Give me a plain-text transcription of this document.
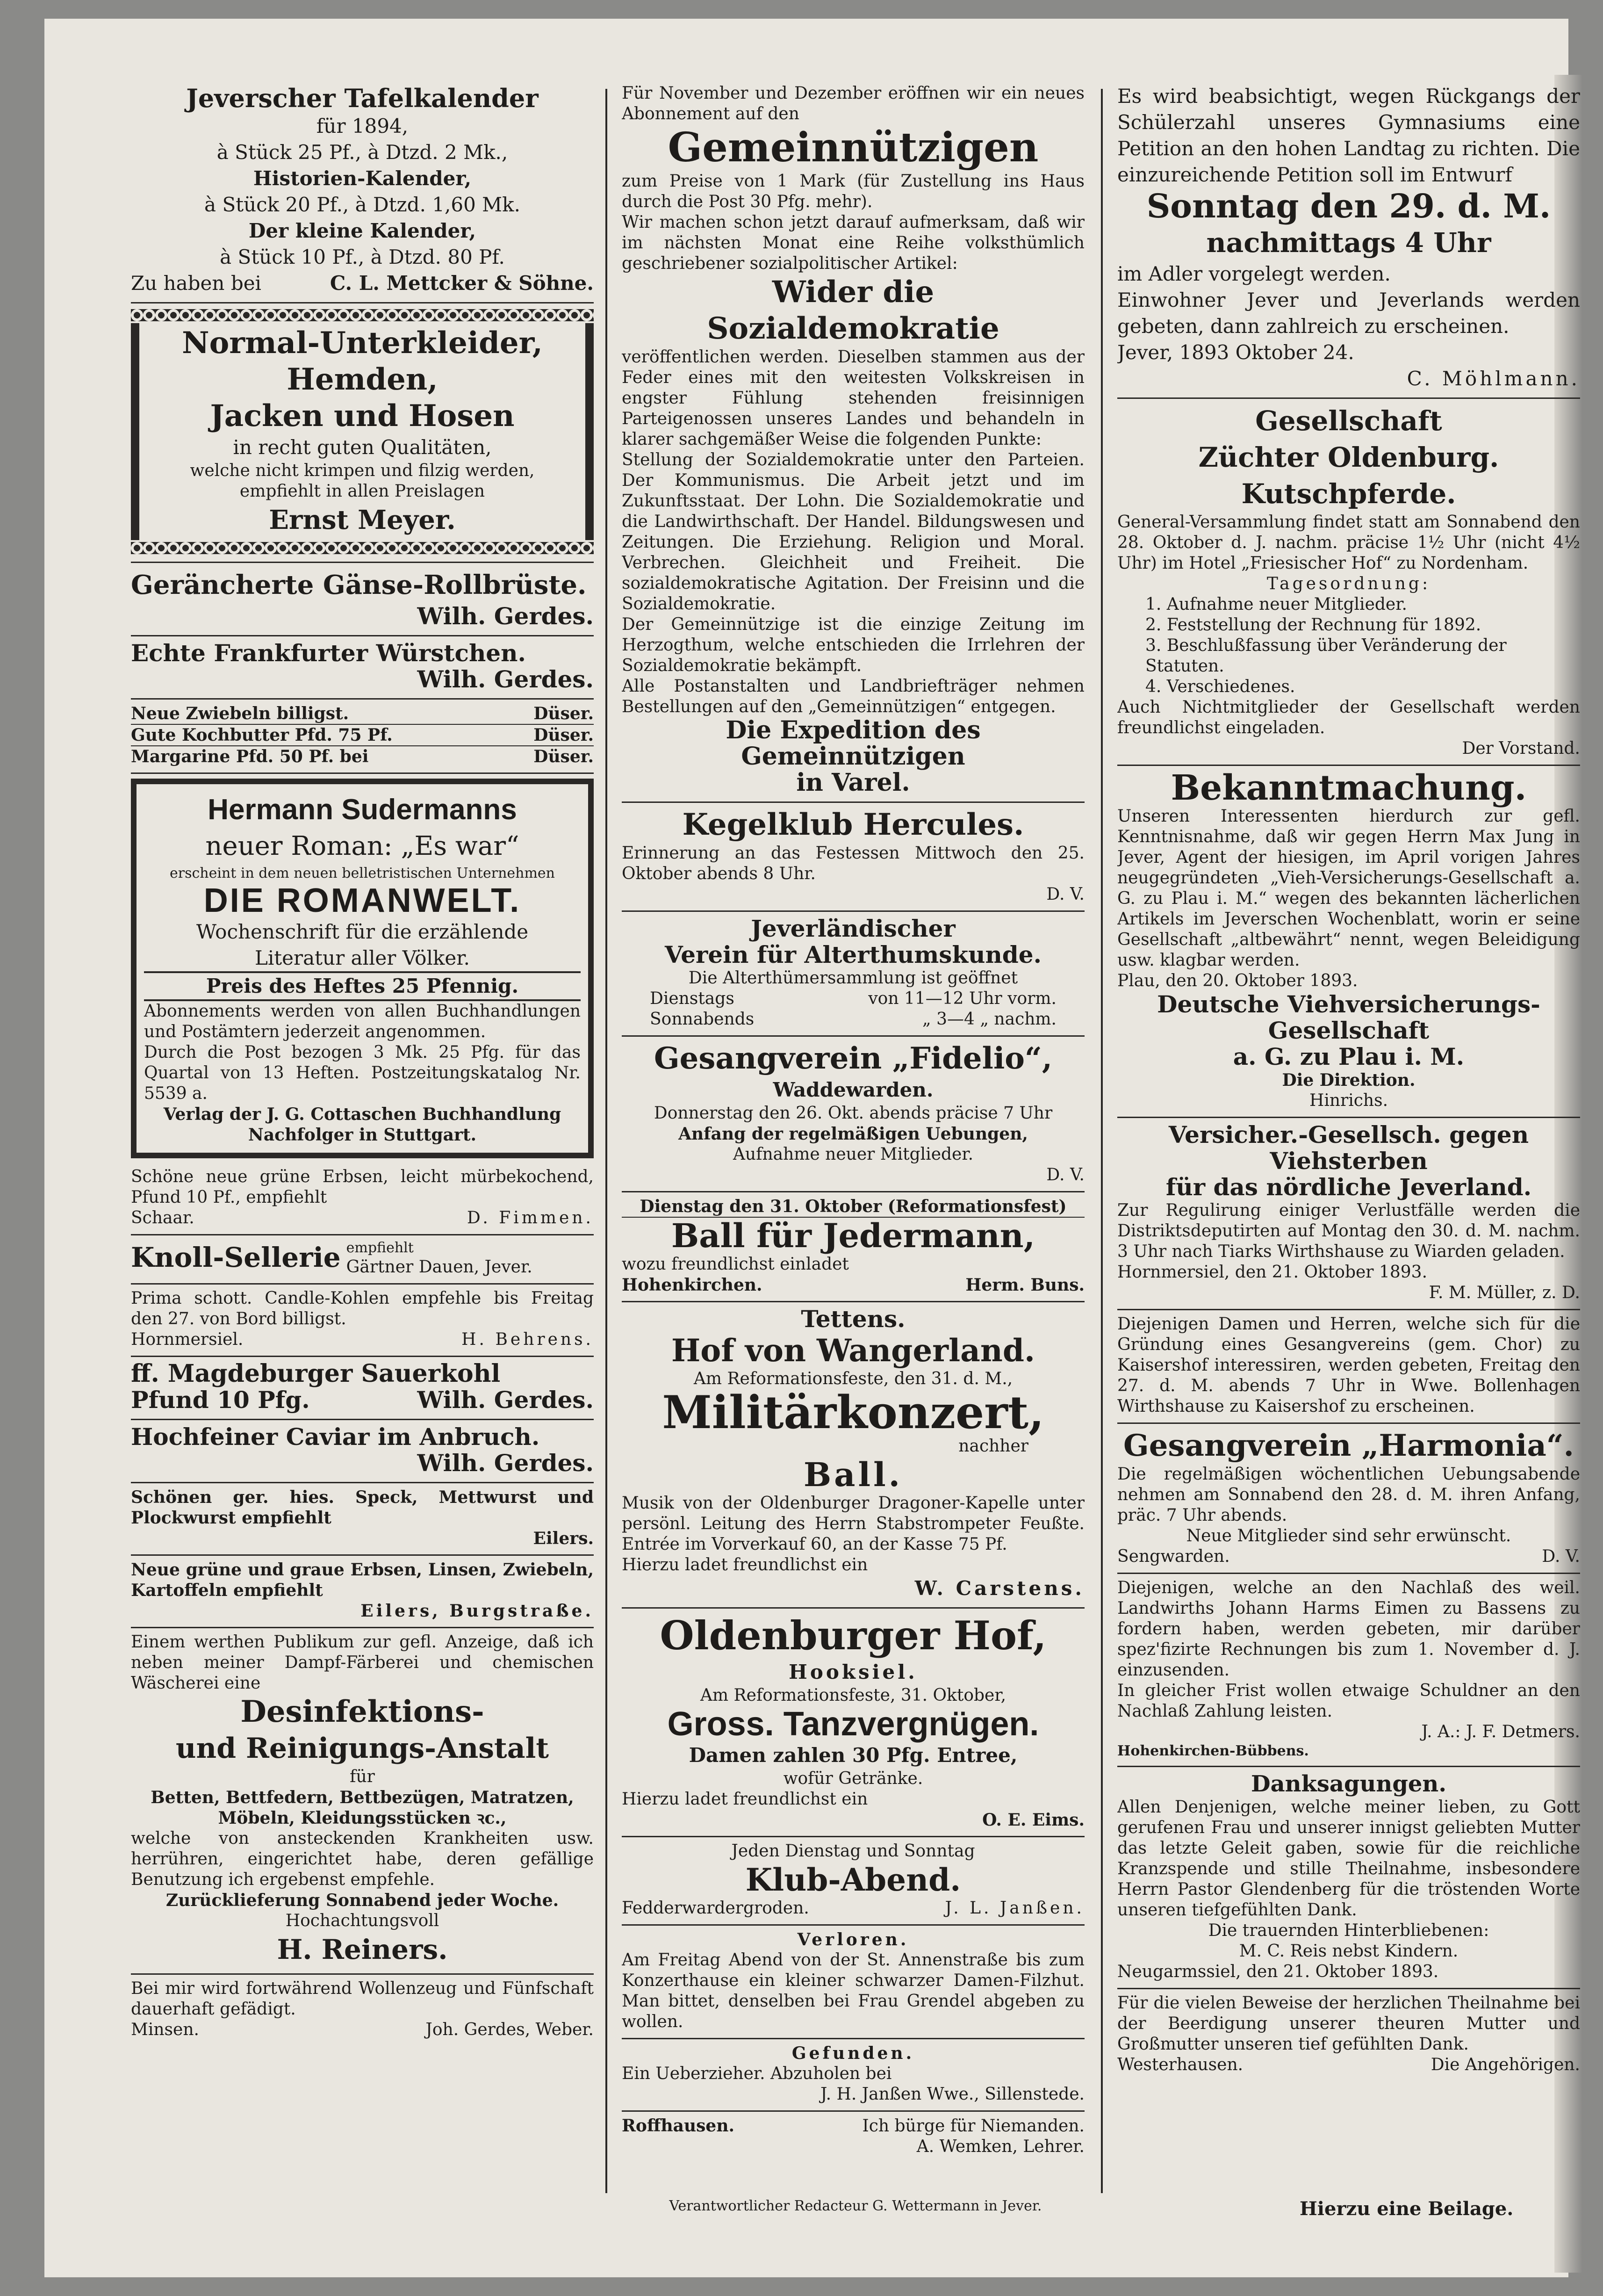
Jeverscher Tafelkalender

für 1894,

à Stück 25 Pf., à Dtzd. 2 Mk.,

Historien-Kalender,

à Stück 20 Pf., à Dtzd. 1,60 Mk.

Der kleine Kalender,

à Stück 10 Pf., à Dtzd. 80 Pf.

Zu haben bei	C. L. Mettcker & Söhne.

Normal-Unterkleider,

Hemden,

Jacken und Hosen

in recht guten Qualitäten,

welche nicht krimpen und filzig werden,

empfiehlt in allen Preislagen

Ernst Meyer.

Geräncherte Gänse-Rollbrüste.

Wilh. Gerdes.

Echte Frankfurter Würstchen.

Wilh. Gerdes.

Neue Zwiebeln billigst.	Düser.
Gute Kochbutter Pfd. 75 Pf.	Düser.
Margarine Pfd. 50 Pf. bei	Düser.

Hermann Sudermanns

neuer Roman: „Es war“

erscheint in dem neuen belletristischen Unternehmen

DIE ROMANWELT.

Wochenschrift für die erzählende

Literatur aller Völker.

Preis des Heftes 25 Pfennig.

Abonnements werden von allen Buchhandlungen und Postämtern jederzeit angenommen.

Durch die Post bezogen 3 Mk. 25 Pfg. für das Quartal von 13 Heften. Postzeitungskatalog Nr. 5539 a.

Verlag der J. G. Cottaschen Buchhandlung Nachfolger in Stuttgart.

Schöne neue grüne Erbsen, leicht mürbekochend, Pfund 10 Pf., empfiehlt

Schaar.	D. Fimmen.

Knoll-Sellerie empfiehlt

Gärtner Dauen, Jever.

Prima schott. Candle-Kohlen empfehle bis Freitag den 27. von Bord billigst.

Hornmersiel.	H. Behrens.

ff. Magdeburger Sauerkohl

Pfund 10 Pfg.	Wilh. Gerdes.

Hochfeiner Caviar im Anbruch.

Wilh. Gerdes.

Schönen ger. hies. Speck, Mettwurst und Plockwurst empfiehlt

Eilers.

Neue grüne und graue Erbsen, Linsen, Zwiebeln, Kartoffeln empfiehlt

Eilers, Burgstraße.

Einem werthen Publikum zur gefl. Anzeige, daß ich neben meiner Dampf-Färberei und chemischen Wäscherei eine

Desinfektions-

und Reinigungs-Anstalt

für

Betten, Bettfedern, Bettbezügen, Matratzen, Möbeln, Kleidungsstücken ꝛc.,

welche von ansteckenden Krankheiten usw. herrühren, eingerichtet habe, deren gefällige Benutzung ich ergebenst empfehle.

Zurücklieferung Sonnabend jeder Woche.

Hochachtungsvoll

H. Reiners.

Bei mir wird fortwährend Wollenzeug und Fünfschaft dauerhaft gefädigt.

Minsen.	Joh. Gerdes, Weber.

Für November und Dezember eröffnen wir ein neues Abonnement auf den

Gemeinnützigen

zum Preise von 1 Mark (für Zustellung ins Haus durch die Post 30 Pfg. mehr).

Wir machen schon jetzt darauf aufmerksam, daß wir im nächsten Monat eine Reihe volksthümlich geschriebener sozialpolitischer Artikel:

Wider die Sozialdemokratie

veröffentlichen werden. Dieselben stammen aus der Feder eines mit den weitesten Volkskreisen in engster Fühlung stehenden freisinnigen Parteigenossen unseres Landes und behandeln in klarer sachgemäßer Weise die folgenden Punkte:

Stellung der Sozialdemokratie unter den Parteien. Der Kommunismus. Die Arbeit jetzt und im Zukunftsstaat. Der Lohn. Die Sozialdemokratie und die Landwirthschaft. Der Handel. Bildungswesen und Zeitungen. Die Erziehung. Religion und Moral. Verbrechen. Gleichheit und Freiheit. Die sozialdemokratische Agitation. Der Freisinn und die Sozialdemokratie.

Der Gemeinnützige ist die einzige Zeitung im Herzogthum, welche entschieden die Irrlehren der Sozialdemokratie bekämpft.

Alle Postanstalten und Landbriefträger nehmen Bestellungen auf den „Gemeinnützigen“ entgegen.

Die Expedition des Gemeinnützigen

in Varel.

Kegelklub Hercules.

Erinnerung an das Festessen Mittwoch den 25. Oktober abends 8 Uhr.

D. V.

Jeverländischer

Verein für Alterthumskunde.

Die Alterthümersammlung ist geöffnet

Dienstags	von 11—12 Uhr vorm.
Sonnabends	„ 3—4 „ nachm.

Gesangverein „Fidelio“,

Waddewarden.

Donnerstag den 26. Okt. abends präcise 7 Uhr

Anfang der regelmäßigen Uebungen,

Aufnahme neuer Mitglieder.

D. V.

Dienstag den 31. Oktober (Reformationsfest)

Ball für Jedermann,

wozu freundlichst einladet

Hohenkirchen.	Herm. Buns.

Tettens.

Hof von Wangerland.

Am Reformationsfeste, den 31. d. M.,

Militärkonzert,

nachher

Ball.

Musik von der Oldenburger Dragoner-Kapelle unter persönl. Leitung des Herrn Stabstrompeter Feußte. Entrée im Vorverkauf 60, an der Kasse 75 Pf.

Hierzu ladet freundlichst ein

W. Carstens.

Oldenburger Hof,

Hooksiel.

Am Reformationsfeste, 31. Oktober,

Gross. Tanzvergnügen.

Damen zahlen 30 Pfg. Entree,

wofür Getränke.

Hierzu ladet freundlichst ein

O. E. Eims.

Jeden Dienstag und Sonntag

Klub-Abend.

Fedderwardergroden.	J. L. Janßen.

Verloren.

Am Freitag Abend von der St. Annenstraße bis zum Konzerthause ein kleiner schwarzer Damen-Filzhut. Man bittet, denselben bei Frau Grendel abgeben zu wollen.

Gefunden.

Ein Ueberzieher. Abzuholen bei

J. H. Janßen Wwe., Sillenstede.

Roffhausen.	Ich bürge für Niemanden.

A. Wemken, Lehrer.

Es wird beabsichtigt, wegen Rückgangs der Schülerzahl unseres Gymnasiums eine Petition an den hohen Landtag zu richten. Die einzureichende Petition soll im Entwurf

Sonntag den 29. d. M.

nachmittags 4 Uhr

im Adler vorgelegt werden.

Einwohner Jever und Jeverlands werden gebeten, dann zahlreich zu erscheinen.

Jever, 1893 Oktober 24.

C. Möhlmann.

Gesellschaft

Züchter Oldenburg. Kutschpferde.

General-Versammlung findet statt am Sonnabend den 28. Oktober d. J. nachm. präcise 1½ Uhr (nicht 4½ Uhr) im Hotel „Friesischer Hof“ zu Nordenham.

Tagesordnung:

1. Aufnahme neuer Mitglieder.

2. Feststellung der Rechnung für 1892.

3. Beschlußfassung über Veränderung der Statuten.

4. Verschiedenes.

Auch Nichtmitglieder der Gesellschaft werden freundlichst eingeladen.

Der Vorstand.

Bekanntmachung.

Unseren Interessenten hierdurch zur gefl. Kenntnisnahme, daß wir gegen Herrn Max Jung in Jever, Agent der hiesigen, im April vorigen Jahres neugegründeten „Vieh-Versicherungs-Gesellschaft a. G. zu Plau i. M.“ wegen des bekannten lächerlichen Artikels im Jeverschen Wochenblatt, worin er seine Gesellschaft „altbewährt“ nennt, wegen Beleidigung usw. klagbar werden.

Plau, den 20. Oktober 1893.

Deutsche Viehversicherungs-Gesellschaft

a. G. zu Plau i. M.

Die Direktion.

Hinrichs.

Versicher.-Gesellsch. gegen Viehsterben

für das nördliche Jeverland.

Zur Regulirung einiger Verlustfälle werden die Distriktsdeputirten auf Montag den 30. d. M. nachm. 3 Uhr nach Tiarks Wirthshause zu Wiarden geladen.

Hornmersiel, den 21. Oktober 1893.

F. M. Müller, z. D.

Diejenigen Damen und Herren, welche sich für die Gründung eines Gesangvereins (gem. Chor) zu Kaisershof interessiren, werden gebeten, Freitag den 27. d. M. abends 7 Uhr in Wwe. Bollenhagen Wirthshause zu Kaisershof zu erscheinen.

Gesangverein „Harmonia“.

Die regelmäßigen wöchentlichen Uebungsabende nehmen am Sonnabend den 28. d. M. ihren Anfang, präc. 7 Uhr abends.

Neue Mitglieder sind sehr erwünscht.

Sengwarden.	D. V.

Diejenigen, welche an den Nachlaß des weil. Landwirths Johann Harms Eimen zu Bassens zu fordern haben, werden gebeten, mir darüber spez'fizirte Rechnungen bis zum 1. November d. J. einzusenden.

In gleicher Frist wollen etwaige Schuldner an den Nachlaß Zahlung leisten.

J. A.: J. F. Detmers.

Hohenkirchen-Bübbens.

Danksagungen.

Allen Denjenigen, welche meiner lieben, zu Gott gerufenen Frau und unserer innigst geliebten Mutter das letzte Geleit gaben, sowie für die reichliche Kranzspende und stille Theilnahme, insbesondere Herrn Pastor Glendenberg für die tröstenden Worte unseren tiefgefühlten Dank.

Die trauernden Hinterbliebenen:

M. C. Reis nebst Kindern.

Neugarmssiel, den 21. Oktober 1893.

Für die vielen Beweise der herzlichen Theilnahme bei der Beerdigung unserer theuren Mutter und Großmutter unseren tief gefühlten Dank.

Westerhausen.	Die Angehörigen.
Verantwortlicher Redacteur G. Wettermann in Jever.	Hierzu eine Beilage.
